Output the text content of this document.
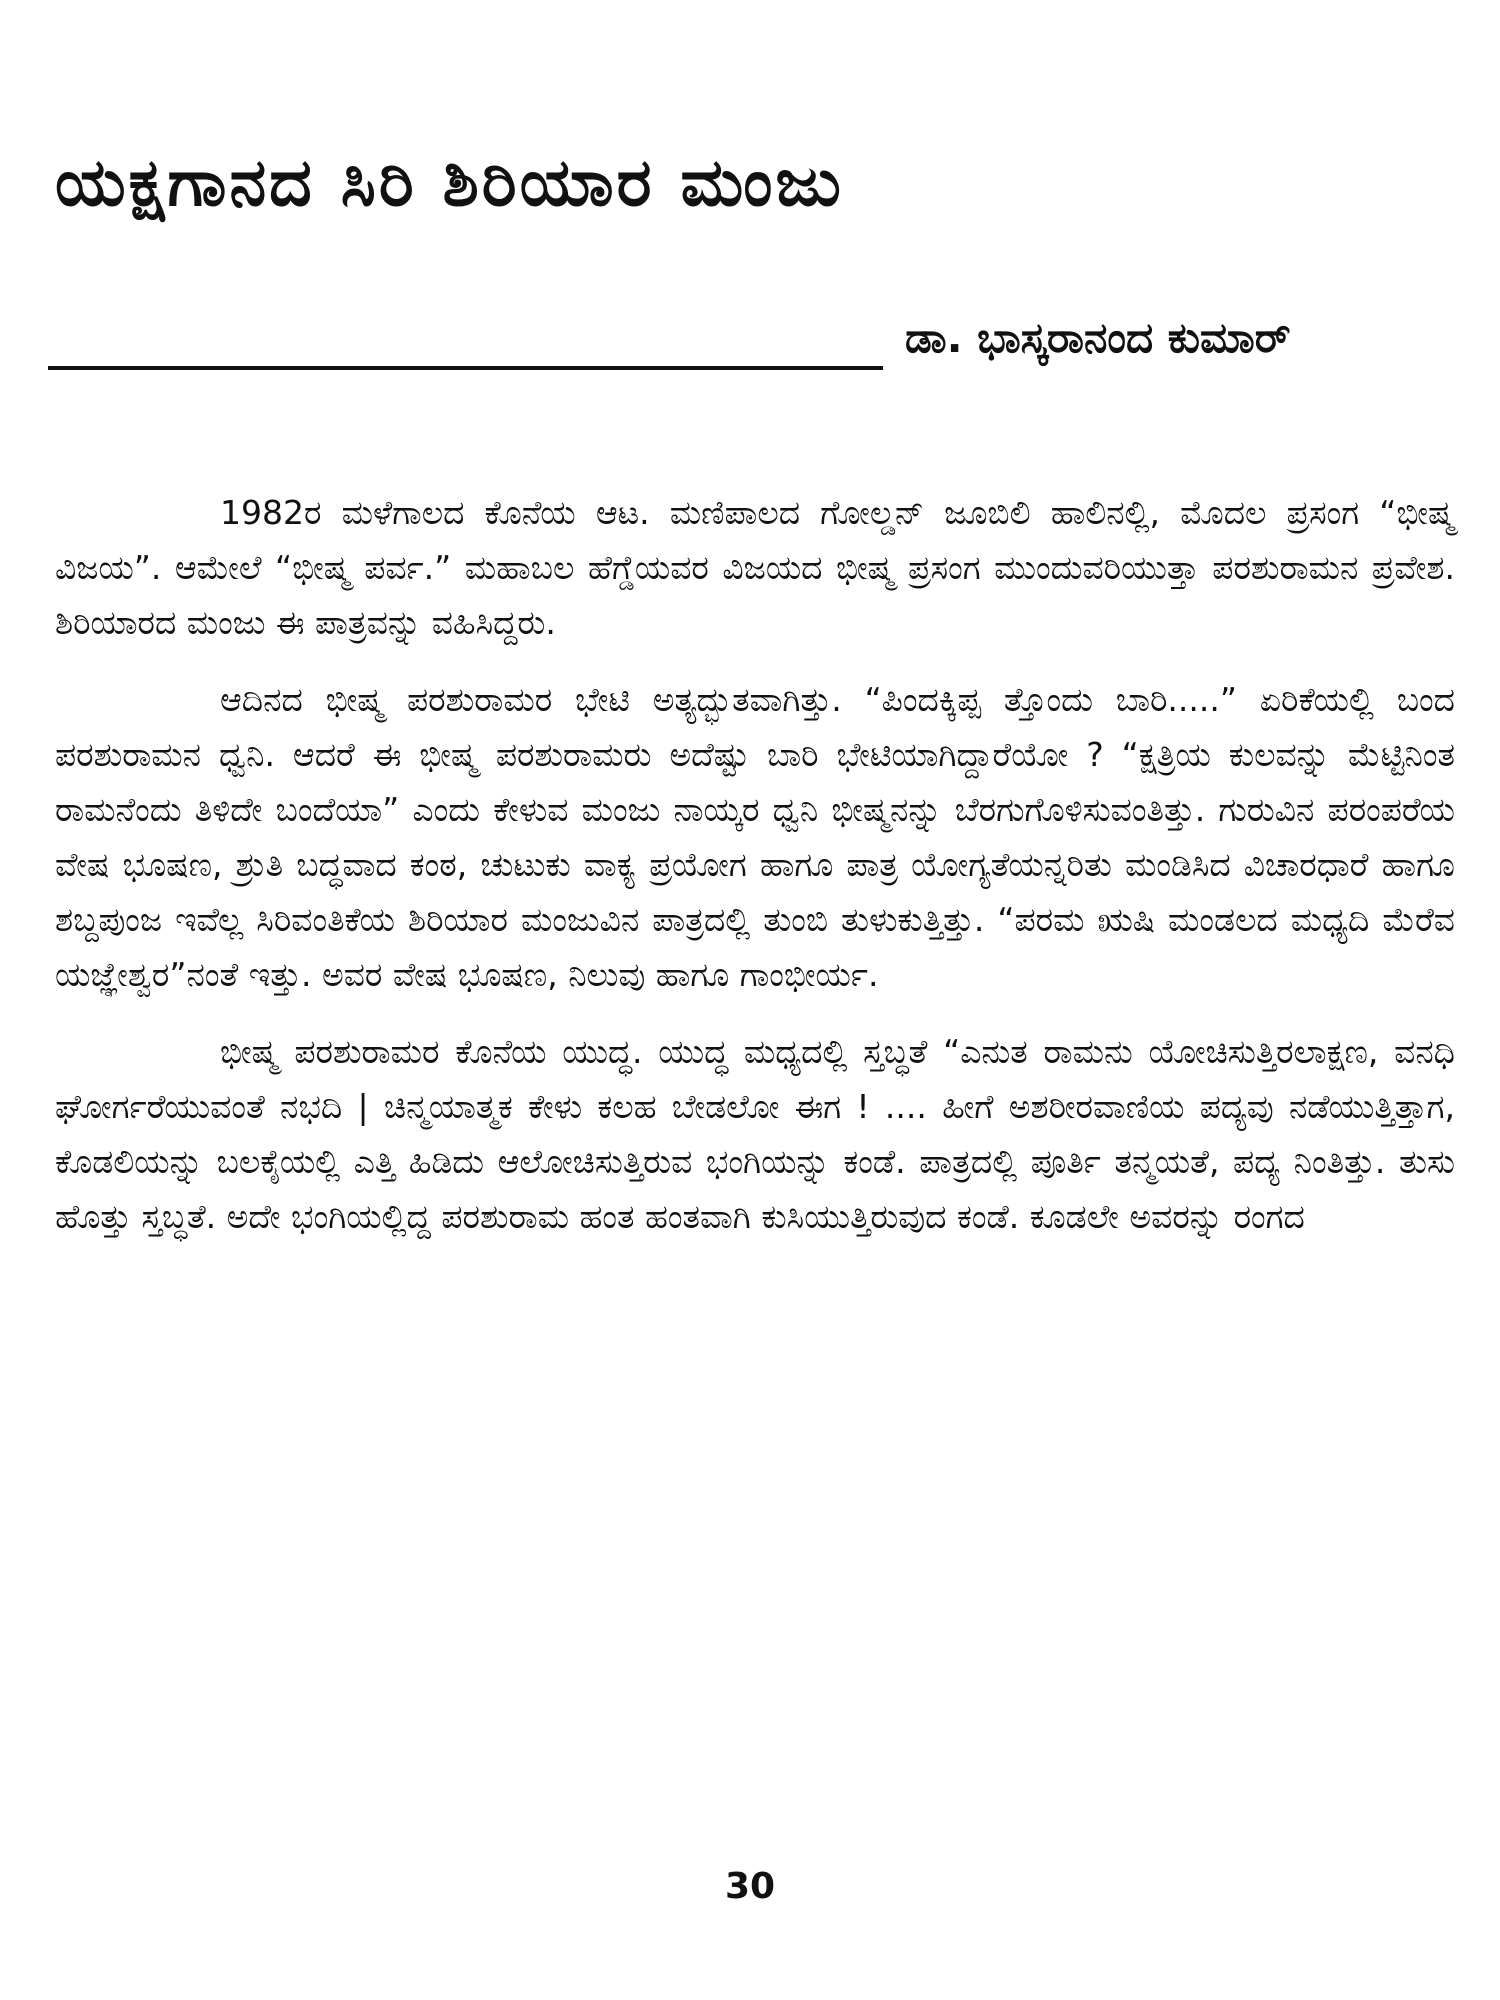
ಯಕ್ಷಗಾನದ ಸಿರಿ ಶಿರಿಯಾರ ಮಂಜು

ಡಾ. ಭಾಸ್ಕರಾನಂದ ಕುಮಾರ್

1982ರ ಮಳೆಗಾಲದ ಕೊನೆಯ ಆಟ. ಮಣಿಪಾಲದ ಗೋಲ್ಡನ್ ಜೂಬಿಲಿ ಹಾಲಿನಲ್ಲಿ, ಮೊದಲ ಪ್ರಸಂಗ “ಭೀಷ್ಮ ವಿಜಯ”. ಆಮೇಲೆ “ಭೀಷ್ಮ ಪರ್ವ.” ಮಹಾಬಲ ಹೆಗ್ಡೆಯವರ ವಿಜಯದ ಭೀಷ್ಮ ಪ್ರಸಂಗ ಮುಂದುವರಿಯುತ್ತಾ ಪರಶುರಾಮನ ಪ್ರವೇಶ. ಶಿರಿಯಾರದ ಮಂಜು ಈ ಪಾತ್ರವನ್ನು ವಹಿಸಿದ್ದರು.

ಆದಿನದ ಭೀಷ್ಮ ಪರಶುರಾಮರ ಭೇಟಿ ಅತ್ಯದ್ಭುತವಾಗಿತ್ತು. “ಪಿಂದಕ್ಕಿಪ್ಪ ತ್ತೊಂದು ಬಾರಿ.....” ಏರಿಕೆಯಲ್ಲಿ ಬಂದ ಪರಶುರಾಮನ ಧ್ವನಿ. ಆದರೆ ಈ ಭೀಷ್ಮ ಪರಶುರಾಮರು ಅದೆಷ್ಟು ಬಾರಿ ಭೇಟಿಯಾಗಿದ್ದಾರೆಯೋ ? “ಕ್ಷತ್ರಿಯ ಕುಲವನ್ನು ಮೆಟ್ಟಿನಿಂತ ರಾಮನೆಂದು ತಿಳಿದೇ ಬಂದೆಯಾ” ಎಂದು ಕೇಳುವ ಮಂಜು ನಾಯ್ಕರ ಧ್ವನಿ ಭೀಷ್ಮನನ್ನು ಬೆರಗುಗೊಳಿಸುವಂತಿತ್ತು. ಗುರುವಿನ ಪರಂಪರೆಯ ವೇಷ ಭೂಷಣ, ಶ್ರುತಿ ಬದ್ಧವಾದ ಕಂಠ, ಚುಟುಕು ವಾಕ್ಯ ಪ್ರಯೋಗ ಹಾಗೂ ಪಾತ್ರ ಯೋಗ್ಯತೆಯನ್ನರಿತು ಮಂಡಿಸಿದ ವಿಚಾರಧಾರೆ ಹಾಗೂ ಶಬ್ದಪುಂಜ ಇವೆಲ್ಲ ಸಿರಿವಂತಿಕೆಯ ಶಿರಿಯಾರ ಮಂಜುವಿನ ಪಾತ್ರದಲ್ಲಿ ತುಂಬಿ ತುಳುಕುತ್ತಿತ್ತು. “ಪರಮ ಋಷಿ ಮಂಡಲದ ಮಧ್ಯದಿ ಮೆರೆವ ಯಜ್ಞೇಶ್ವರ”ನಂತೆ ಇತ್ತು. ಅವರ ವೇಷ ಭೂಷಣ, ನಿಲುವು ಹಾಗೂ ಗಾಂಭೀರ್ಯ.

ಭೀಷ್ಮ ಪರಶುರಾಮರ ಕೊನೆಯ ಯುದ್ಧ. ಯುದ್ಧ ಮಧ್ಯದಲ್ಲಿ ಸ್ತಬ್ಧತೆ “ಎನುತ ರಾಮನು ಯೋಚಿಸುತ್ತಿರಲಾಕ್ಷಣ, ವನಧಿ ಘೋರ್ಗರೆಯುವಂತೆ ನಭದಿ | ಚಿನ್ಮಯಾತ್ಮಕ ಕೇಳು ಕಲಹ ಬೇಡಲೋ ಈಗ ! .... ಹೀಗೆ ಅಶರೀರವಾಣಿಯ ಪದ್ಯವು ನಡೆಯುತ್ತಿತ್ತಾಗ, ಕೊಡಲಿಯನ್ನು ಬಲಕೈಯಲ್ಲಿ ಎತ್ತಿ ಹಿಡಿದು ಆಲೋಚಿಸುತ್ತಿರುವ ಭಂಗಿಯನ್ನು ಕಂಡೆ. ಪಾತ್ರದಲ್ಲಿ ಪೂರ್ತಿ ತನ್ಮಯತೆ, ಪದ್ಯ ನಿಂತಿತ್ತು. ತುಸು ಹೊತ್ತು ಸ್ತಬ್ಧತೆ. ಅದೇ ಭಂಗಿಯಲ್ಲಿದ್ದ ಪರಶುರಾಮ ಹಂತ ಹಂತವಾಗಿ ಕುಸಿಯುತ್ತಿರುವುದ ಕಂಡೆ. ಕೂಡಲೇ ಅವರನ್ನು ರಂಗದ

30
